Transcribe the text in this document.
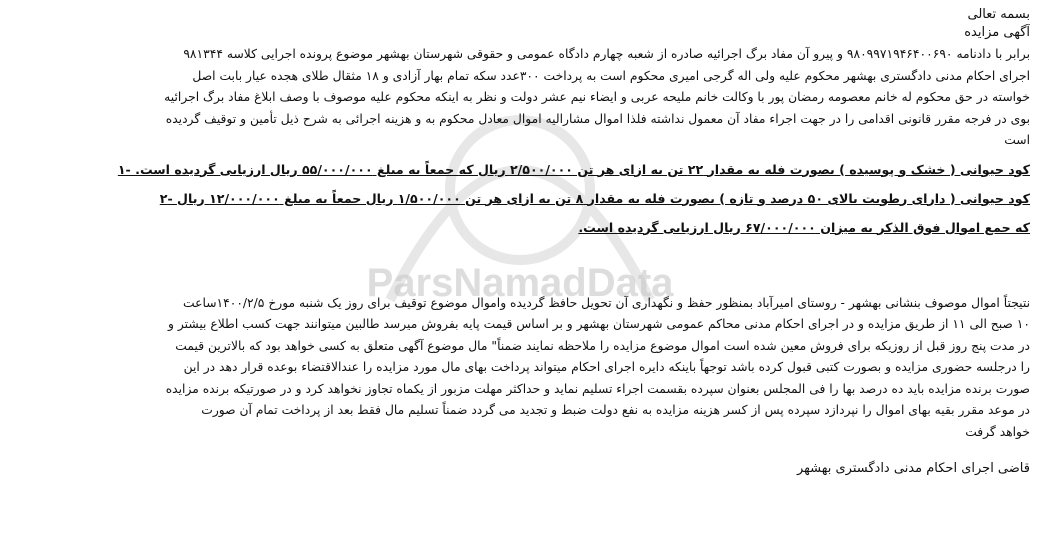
ParsNamadData
بسمه تعالی
آگهی مزایده
برابر با دادنامه ۹۸۰۹۹۷۱۹۴۶۴۰۰۶۹۰ و پیرو آن مفاد برگ اجرائیه صادره از شعبه چهارم دادگاه عمومی و حقوقی شهرستان بهشهر موضوع پرونده اجرایی کلاسه ۹۸۱۳۴۴
اجرای احکام مدنی دادگستری بهشهر محکوم علیه ولی اله گرجی امیری محکوم است به پرداخت ۳۰۰عدد سکه تمام بهار آزادی و ۱۸ مثقال طلای هجده عیار بابت اصل
خواسته در حق محکوم له خانم معصومه رمضان پور با وکالت خانم ملیحه عربی و ایضاء نیم عشر دولت و نظر به اینکه محکوم علیه موصوف با وصف ابلاغ مفاد برگ اجرائیه
بوی در فرجه مقرر قانونی اقدامی را در جهت اجراء مفاد آن معمول نداشته فلذا اموال مشارالیه اموال معادل محکوم به و هزینه اجرائی به شرح ذیل تأمین و توقیف گردیده
است
کود حیوانی ( خشک و پوسیده ) بصورت فله به مقدار ۲۲ تن به ازای هر تن ۲/۵۰۰/۰۰۰ ریال که جمعاً به مبلغ ۵۵/۰۰۰/۰۰۰ ریال ارزیابی گردیده است. -۱
کود حیوانی ( دارای رطوبت بالای ۵۰ درصد و تازه ) بصورت فله به مقدار ۸ تن به ازای هر تن ۱/۵۰۰/۰۰۰ ریال جمعاً به مبلغ ۱۲/۰۰۰/۰۰۰ ریال -۲
که جمع اموال فوق الذکر به میزان ۶۷/۰۰۰/۰۰۰ ریال ارزیابی گردیده است.
نتیجتاً اموال موصوف بنشانی بهشهر - روستای امیرآباد بمنظور حفظ و نگهداری آن تحویل حافظ گردیده واموال موضوع توقیف برای روز یک شنبه مورخ ۱۴۰۰/۲/۵ساعت
۱۰ صبح الی ۱۱ از طریق مزایده و در اجرای احکام مدنی محاکم عمومی شهرستان بهشهر و بر اساس قیمت پایه بفروش میرسد طالبین میتوانند جهت کسب اطلاع بیشتر و
در مدت پنج روز قبل از روزیکه برای فروش معین شده است اموال موضوع مزایده را ملاحظه نمایند ضمناً" مال موضوع آگهی متعلق به کسی خواهد بود که بالاترین قیمت
را درجلسه حضوری مزایده و بصورت کتبی قبول کرده باشد توجهاً باینکه دایره اجرای احکام میتواند پرداخت بهای مال مورد مزایده را عندالاقتضاء بوعده قرار دهد در این
صورت برنده مزایده باید ده درصد بها را فی المجلس بعنوان سپرده بقسمت اجراء تسلیم نماید و حداکثر مهلت مزبور از یکماه تجاوز نخواهد کرد و در صورتیکه برنده مزایده
در موعد مقرر بقیه بهای اموال را نپردازد سپرده پس از کسر هزینه مزایده به نفع دولت ضبط و تجدید می گردد ضمناً تسلیم مال فقط بعد از پرداخت تمام آن صورت
خواهد گرفت
قاضی اجرای احکام مدنی دادگستری بهشهر
